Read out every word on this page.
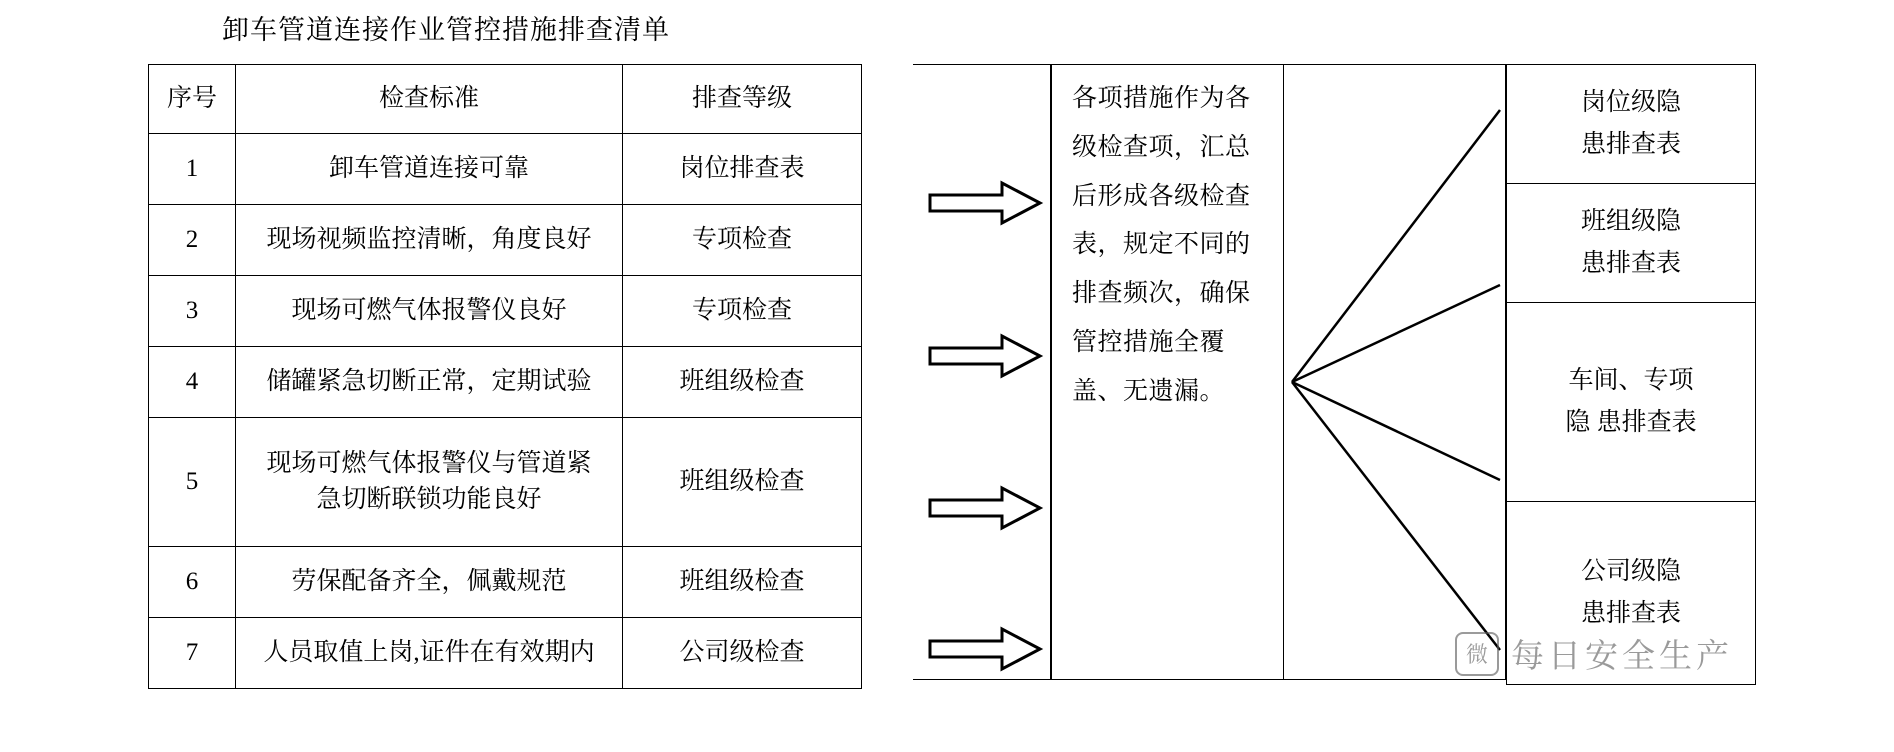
卸车管道连接作业管控措施排查清单
序号	检查标准	排查等级
1	卸车管道连接可靠	岗位排查表
2	现场视频监控清晰，角度良好	专项检查
3	现场可燃气体报警仪良好	专项检查
4	储罐紧急切断正常，定期试验	班组级检查
5	现场可燃气体报警仪与管道紧
急切断联锁功能良好	班组级检查
6	劳保配备齐全，佩戴规范	班组级检查
7	人员取值上岗,证件在有效期内	公司级检查
各项措施作为各级检查项，汇总后形成各级检查表，规定不同的排查频次，确保管控措施全覆盖、无遗漏。
岗位级隐
患排查表

班组级隐
患排查表

车间、专项
隐 患排查表

公司级隐
患排查表
微 每日安全生产
